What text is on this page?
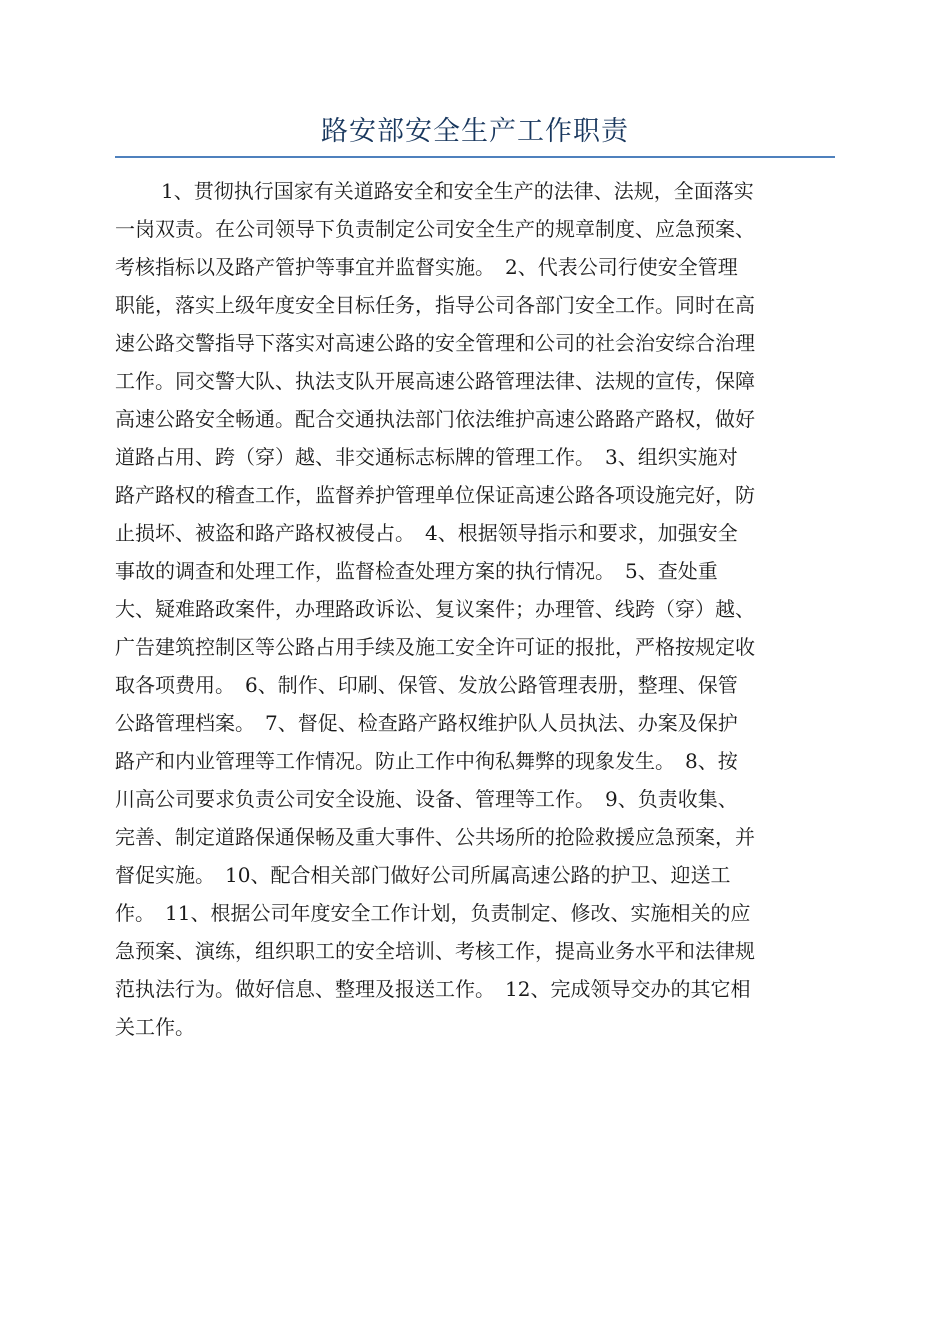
路安部安全生产工作职责

1、贯彻执行国家有关道路安全和安全生产的法律、法规，全面落实

一岗双责。在公司领导下负责制定公司安全生产的规章制度、应急预案、

考核指标以及路产管护等事宜并监督实施。　2、代表公司行使安全管理

职能，落实上级年度安全目标任务，指导公司各部门安全工作。同时在高

速公路交警指导下落实对高速公路的安全管理和公司的社会治安综合治理

工作。同交警大队、执法支队开展高速公路管理法律、法规的宣传，保障

高速公路安全畅通。配合交通执法部门依法维护高速公路路产路权，做好

道路占用、跨（穿）越、非交通标志标牌的管理工作。　3、组织实施对

路产路权的稽查工作，监督养护管理单位保证高速公路各项设施完好，防

止损坏、被盗和路产路权被侵占。　4、根据领导指示和要求，加强安全

事故的调查和处理工作，监督检查处理方案的执行情况。　5、查处重

大、疑难路政案件，办理路政诉讼、复议案件；办理管、线跨（穿）越、

广告建筑控制区等公路占用手续及施工安全许可证的报批，严格按规定收

取各项费用。　6、制作、印刷、保管、发放公路管理表册，整理、保管

公路管理档案。　7、督促、检查路产路权维护队人员执法、办案及保护

路产和内业管理等工作情况。防止工作中徇私舞弊的现象发生。　8、按

川高公司要求负责公司安全设施、设备、管理等工作。　9、负责收集、

完善、制定道路保通保畅及重大事件、公共场所的抢险救援应急预案，并

督促实施。　10、配合相关部门做好公司所属高速公路的护卫、迎送工

作。　11、根据公司年度安全工作计划，负责制定、修改、实施相关的应

急预案、演练，组织职工的安全培训、考核工作，提高业务水平和法律规

范执法行为。做好信息、整理及报送工作。　12、完成领导交办的其它相

关工作。
